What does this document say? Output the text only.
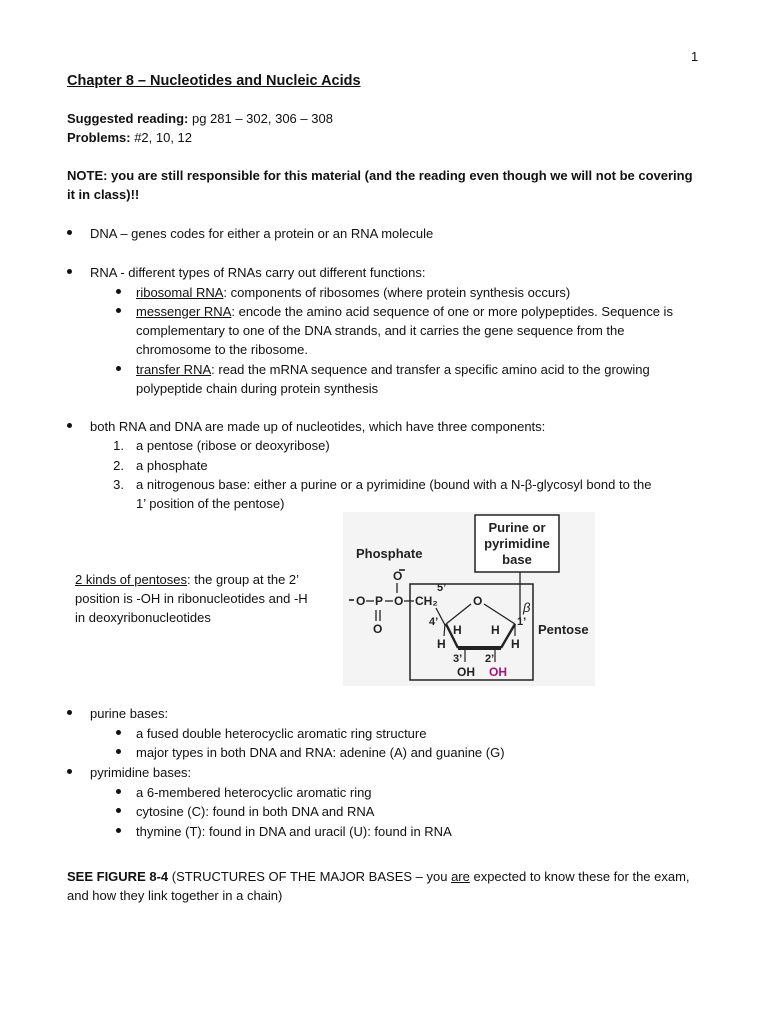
1
Chapter 8 – Nucleotides and Nucleic Acids
Suggested reading: pg 281 – 302, 306 – 308
Problems: #2, 10, 12
NOTE: you are still responsible for this material (and the reading even though we will not be covering
it in class)!!
DNA – genes codes for either a protein or an RNA molecule
RNA - different types of RNAs carry out different functions:
ribosomal RNA: components of ribosomes (where protein synthesis occurs)
messenger RNA: encode the amino acid sequence of one or more polypeptides. Sequence is
complementary to one of the DNA strands, and it carries the gene sequence from the
chromosome to the ribosome.
transfer RNA: read the mRNA sequence and transfer a specific amino acid to the growing
polypeptide chain during protein synthesis
both RNA and DNA are made up of nucleotides, which have three components:
1. a pentose (ribose or deoxyribose)
2. a phosphate
3. a nitrogenous base: either a purine or a pyrimidine (bound with a N-β-glycosyl bond to the
1’ position of the pentose)
2 kinds of pentoses: the group at the 2’
position is -OH in ribonucleotides and -H
in deoxyribonucleotides
Purine or
pyrimidine
base
Phosphate
Pentose
O
O P O
O
CH₂
5’
4’
O
1’
3’ 2’
H H
H	H
OH OH
β
purine bases:
a fused double heterocyclic aromatic ring structure
major types in both DNA and RNA: adenine (A) and guanine (G)
pyrimidine bases:
a 6-membered heterocyclic aromatic ring
cytosine (C): found in both DNA and RNA
thymine (T): found in DNA and uracil (U): found in RNA
SEE FIGURE 8-4 (STRUCTURES OF THE MAJOR BASES – you are expected to know these for the exam,
and how they link together in a chain)
